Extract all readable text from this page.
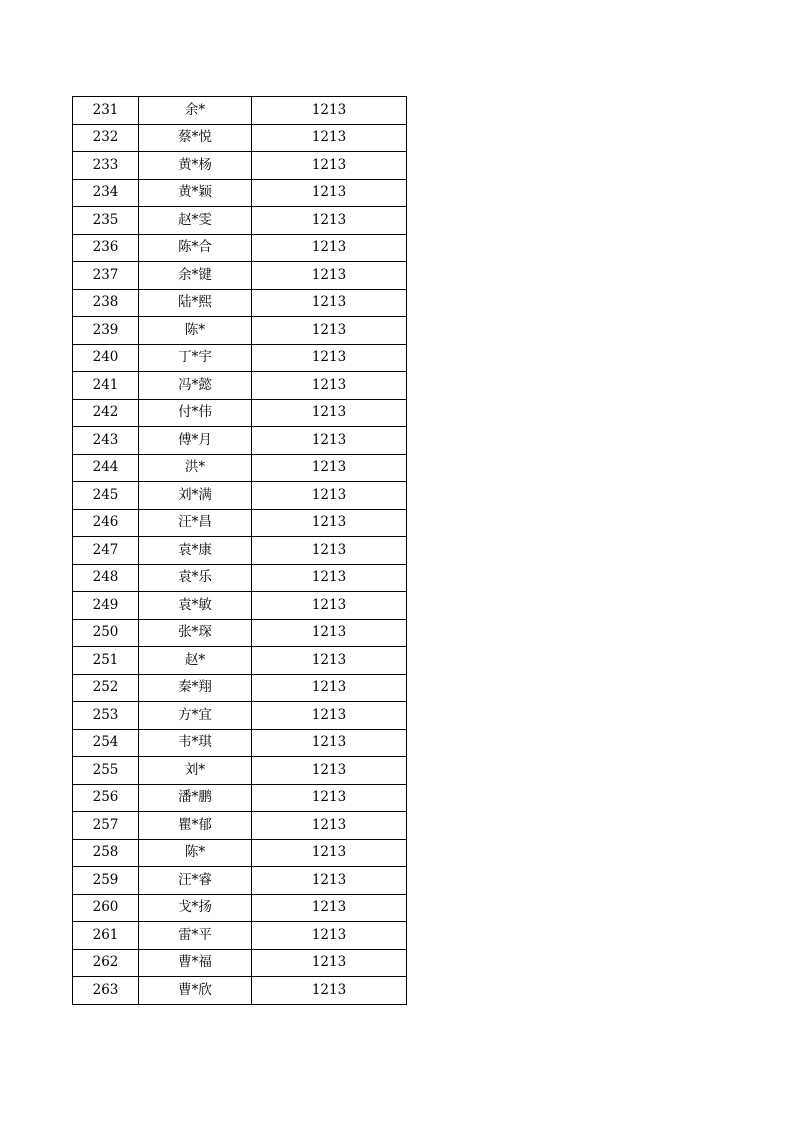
231	余*	1213
232	蔡*悦	1213
233	黄*杨	1213
234	黄*颖	1213
235	赵*雯	1213
236	陈*合	1213
237	余*键	1213
238	陆*熙	1213
239	陈*	1213
240	丁*宇	1213
241	冯*懿	1213
242	付*伟	1213
243	傅*月	1213
244	洪*	1213
245	刘*满	1213
246	汪*昌	1213
247	袁*康	1213
248	袁*乐	1213
249	袁*敏	1213
250	张*琛	1213
251	赵*	1213
252	秦*翔	1213
253	方*宜	1213
254	韦*琪	1213
255	刘*	1213
256	潘*鹏	1213
257	瞿*郁	1213
258	陈*	1213
259	汪*睿	1213
260	戈*扬	1213
261	雷*平	1213
262	曹*福	1213
263	曹*欣	1213
